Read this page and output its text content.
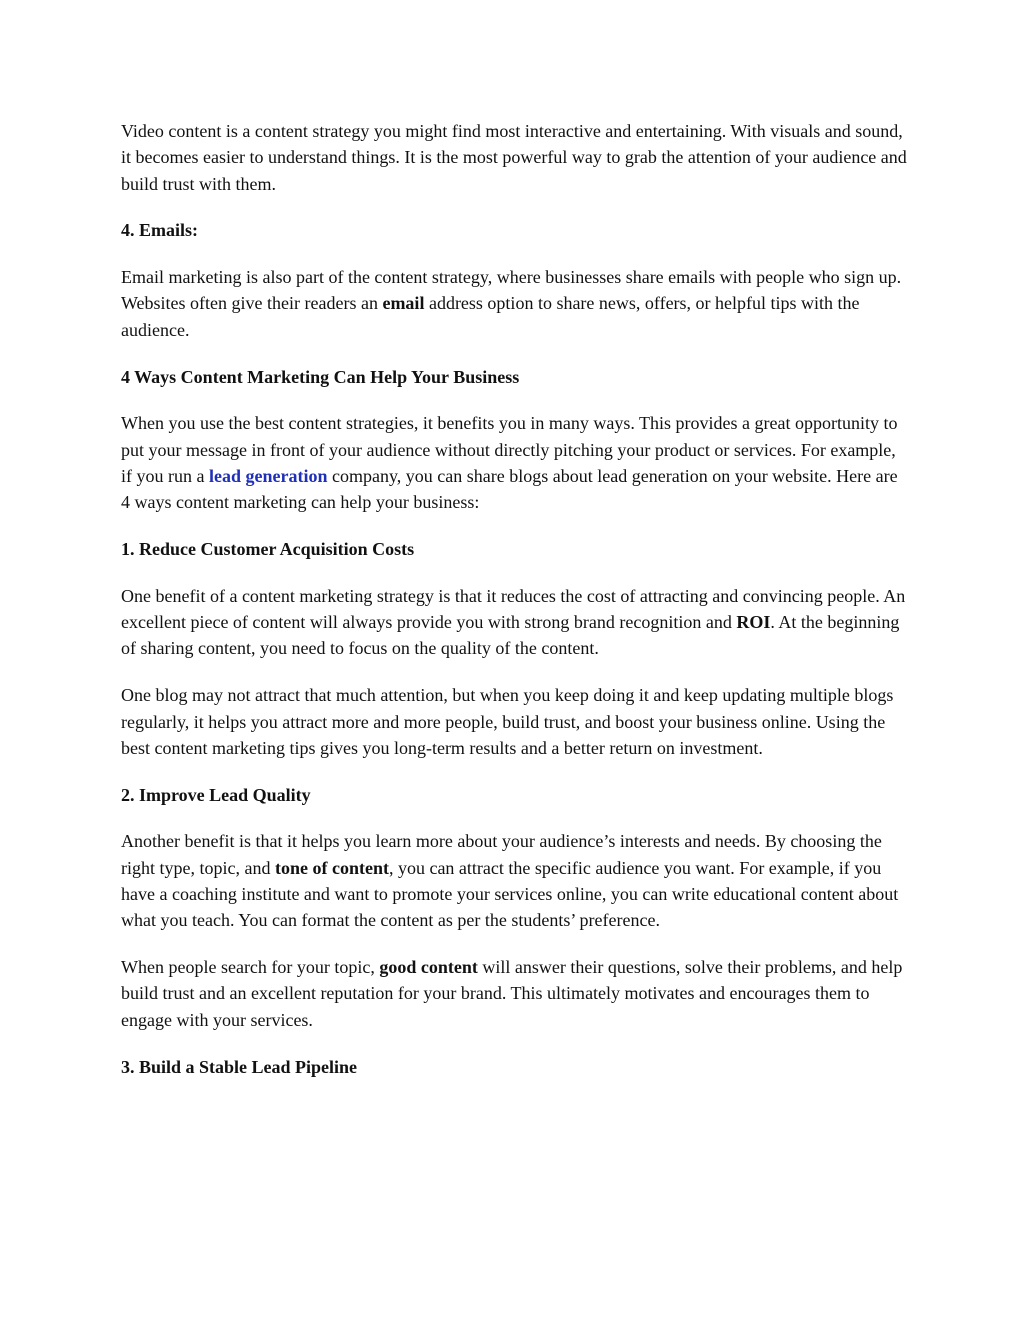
Video content is a content strategy you might find most interactive and entertaining. With visuals and sound, it becomes easier to understand things. It is the most powerful way to grab the attention of your audience and build trust with them.

4. Emails:

Email marketing is also part of the content strategy, where businesses share emails with people who sign up. Websites often give their readers an email address option to share news, offers, or helpful tips with the audience.

4 Ways Content Marketing Can Help Your Business

When you use the best content strategies, it benefits you in many ways. This provides a great opportunity to put your message in front of your audience without directly pitching your product or services. For example, if you run a lead generation company, you can share blogs about lead generation on your website. Here are 4 ways content marketing can help your business:

1. Reduce Customer Acquisition Costs

One benefit of a content marketing strategy is that it reduces the cost of attracting and convincing people. An excellent piece of content will always provide you with strong brand recognition and ROI. At the beginning of sharing content, you need to focus on the quality of the content.

One blog may not attract that much attention, but when you keep doing it and keep updating multiple blogs regularly, it helps you attract more and more people, build trust, and boost your business online. Using the best content marketing tips gives you long-term results and a better return on investment.

2. Improve Lead Quality

Another benefit is that it helps you learn more about your audience’s interests and needs. By choosing the right type, topic, and tone of content, you can attract the specific audience you want. For example, if you have a coaching institute and want to promote your services online, you can write educational content about what you teach. You can format the content as per the students’ preference.

When people search for your topic, good content will answer their questions, solve their problems, and help build trust and an excellent reputation for your brand. This ultimately motivates and encourages them to engage with your services.

3. Build a Stable Lead Pipeline
